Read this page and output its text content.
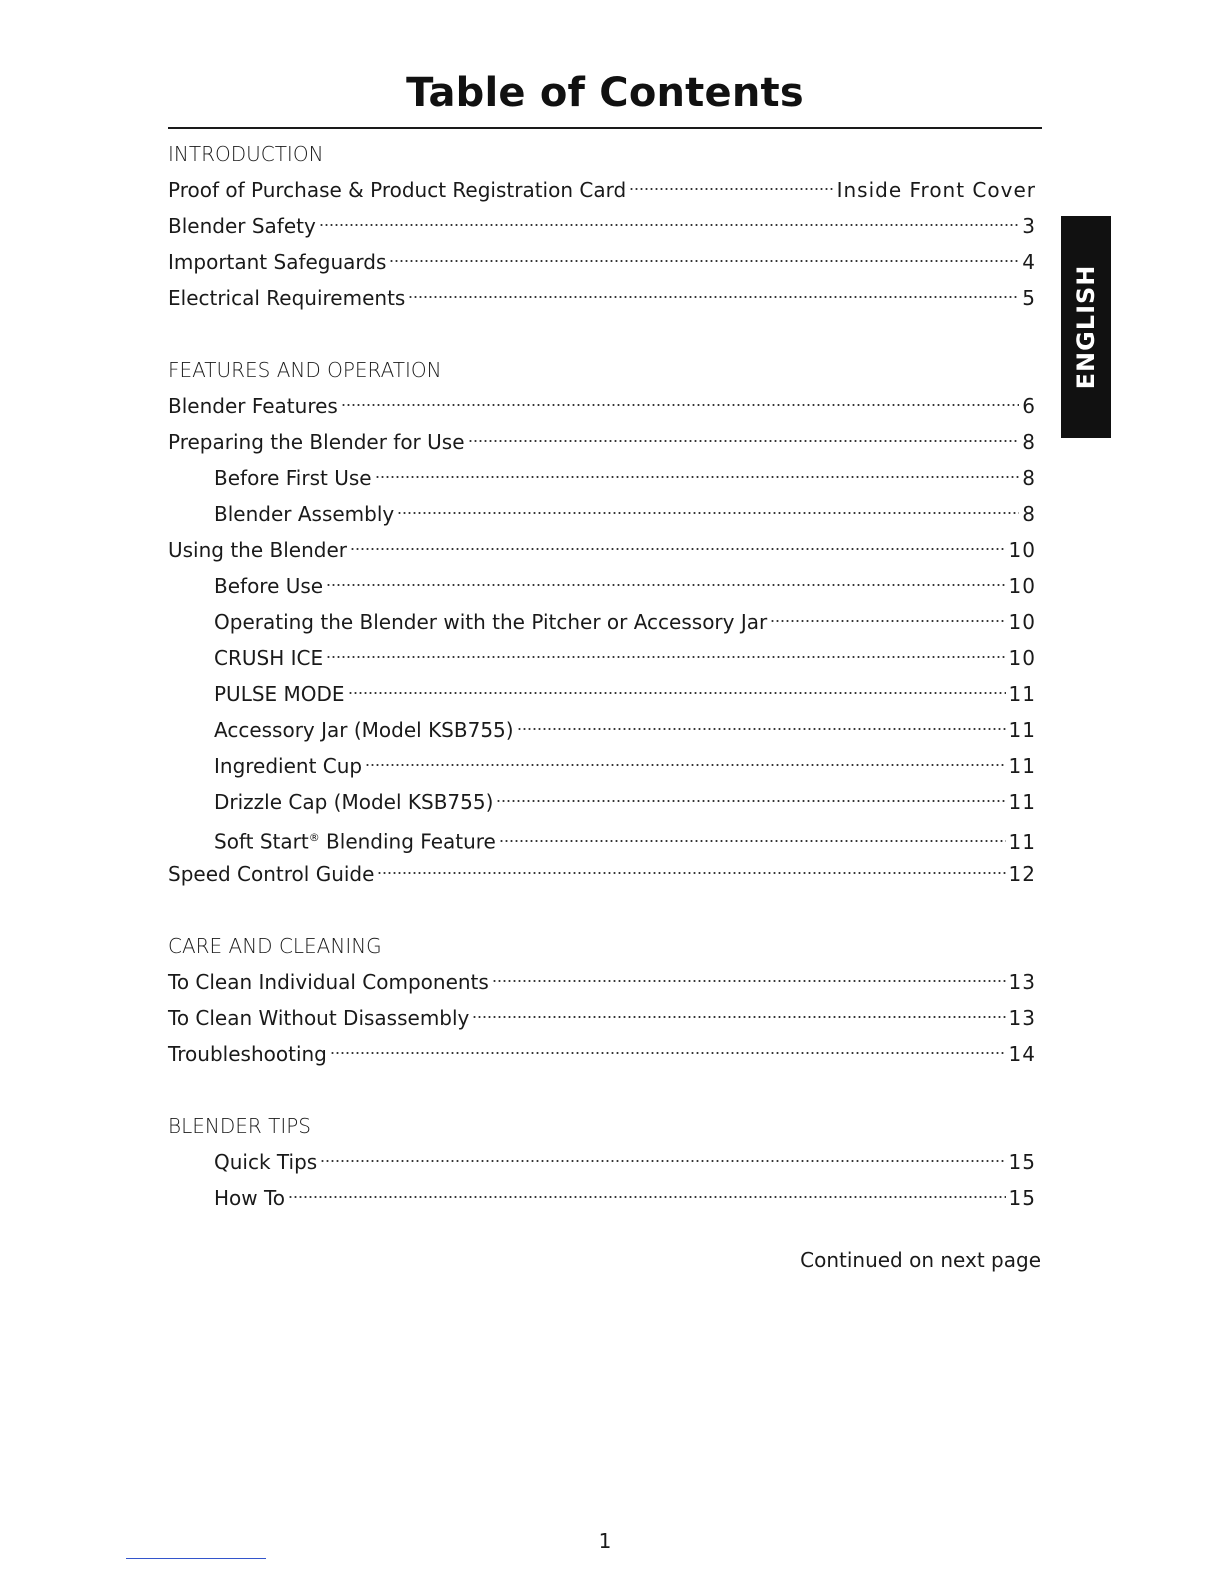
Table of Contents
ENGLISH
INTRODUCTION
Proof of Purchase & Product Registration Card	Inside Front Cover
Blender Safety	3
Important Safeguards	4
Electrical Requirements	5
FEATURES AND OPERATION
Blender Features	6
Preparing the Blender for Use	8
Before First Use	8
Blender Assembly	8
Using the Blender	10
Before Use	10
Operating the Blender with the Pitcher or Accessory Jar	10
CRUSH ICE	10
PULSE MODE	11
Accessory Jar (Model KSB755)	11
Ingredient Cup	11
Drizzle Cap (Model KSB755)	11
Soft Start® Blending Feature	11
Speed Control Guide	12
CARE AND CLEANING
To Clean Individual Components	13
To Clean Without Disassembly	13
Troubleshooting	14
BLENDER TIPS
Quick Tips	15
How To	15
Continued on next page
1
